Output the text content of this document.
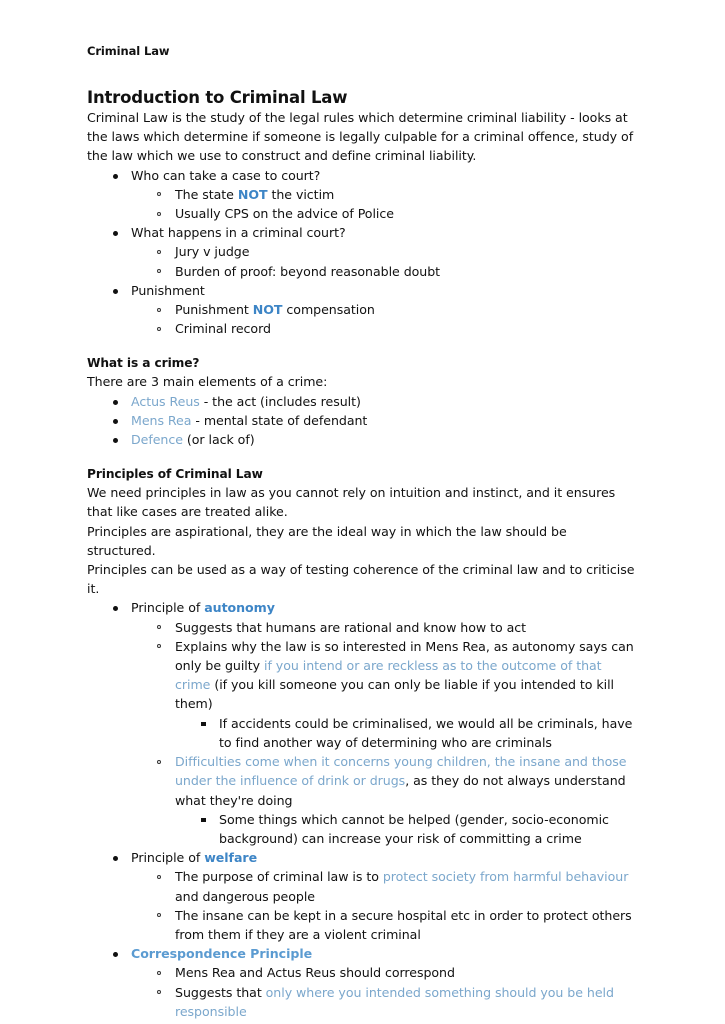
Criminal Law
Introduction to Criminal Law

Criminal Law is the study of the legal rules which determine criminal liability - looks at the laws which determine if someone is legally culpable for a criminal offence, study of the law which we use to construct and define criminal liability.

Who can take a case to court?
The state NOT the victim
Usually CPS on the advice of Police
What happens in a criminal court?
Jury v judge
Burden of proof: beyond reasonable doubt
Punishment
Punishment NOT compensation
Criminal record
What is a crime?

There are 3 main elements of a crime:

Actus Reus - the act (includes result)
Mens Rea - mental state of defendant
Defence (or lack of)
Principles of Criminal Law

We need principles in law as you cannot rely on intuition and instinct, and it ensures that like cases are treated alike.

Principles are aspirational, they are the ideal way in which the law should be structured.

Principles can be used as a way of testing coherence of the criminal law and to criticise it.

Principle of autonomy
Suggests that humans are rational and know how to act
Explains why the law is so interested in Mens Rea, as autonomy says can only be guilty if you intend or are reckless as to the outcome of that crime (if you kill someone you can only be liable if you intended to kill them)
If accidents could be criminalised, we would all be criminals, have to find another way of determining who are criminals
Difficulties come when it concerns young children, the insane and those under the influence of drink or drugs, as they do not always understand what they're doing
Some things which cannot be helped (gender, socio-economic background) can increase your risk of committing a crime
Principle of welfare
The purpose of criminal law is to protect society from harmful behaviour and dangerous people
The insane can be kept in a secure hospital etc in order to protect others from them if they are a violent criminal
Correspondence Principle
Mens Rea and Actus Reus should correspond
Suggests that only where you intended something should you be held responsible
